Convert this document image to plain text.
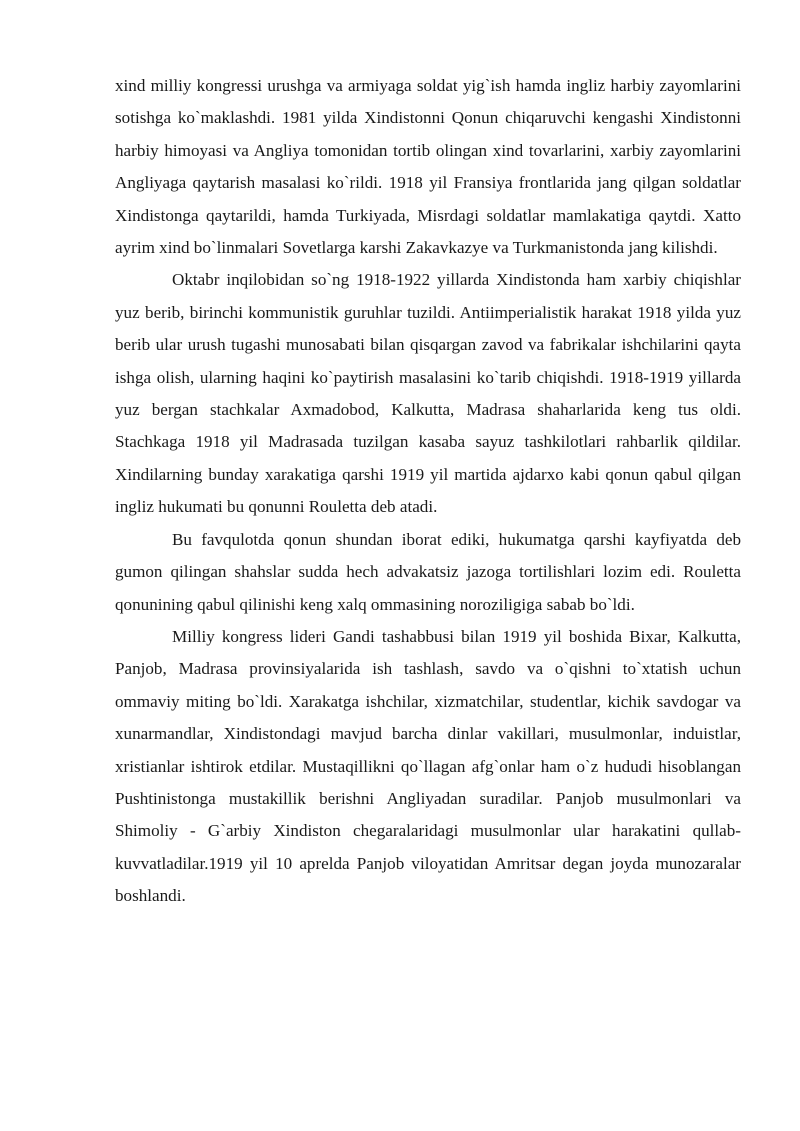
xind milliy kongressi urushga va armiyaga soldat yig`ish hamda ingliz harbiy zayomlarini sotishga ko`maklashdi. 1981 yilda Xindistonni Qonun chiqaruvchi kengashi Xindistonni harbiy himoyasi va Angliya tomonidan tortib olingan xind tovarlarini, xarbiy zayomlarini Angliyaga qaytarish masalasi ko`rildi. 1918 yil Fransiya frontlarida jang qilgan soldatlar Xindistonga qaytarildi, hamda Turkiyada, Misrdagi soldatlar mamlakatiga qaytdi. Xatto ayrim xind bo`linmalari Sovetlarga karshi Zakavkazye va Turkmanistonda jang kilishdi.

Oktabr inqilobidan so`ng 1918-1922 yillarda Xindistonda ham xarbiy chiqishlar yuz berib, birinchi kommunistik guruhlar tuzildi. Antiimperialistik harakat 1918 yilda yuz berib ular urush tugashi munosabati bilan qisqargan zavod va fabrikalar ishchilarini qayta ishga olish, ularning haqini ko`paytirish masalasini ko`tarib chiqishdi. 1918-1919 yillarda yuz bergan stachkalar Axmadobod, Kalkutta, Madrasa shaharlarida keng tus oldi. Stachkaga 1918 yil Madrasada tuzilgan kasaba sayuz tashkilotlari rahbarlik qildilar. Xindilarning bunday xarakatiga qarshi 1919 yil martida ajdarxo kabi qonun qabul qilgan ingliz hukumati bu qonunni Rouletta deb atadi.

Bu favqulotda qonun shundan iborat ediki, hukumatga qarshi kayfiyatda deb gumon qilingan shahslar sudda hech advakatsiz jazoga tortilishlari lozim edi. Rouletta qonunining qabul qilinishi keng xalq ommasining noroziligiga sabab bo`ldi.

Milliy kongress lideri Gandi tashabbusi bilan 1919 yil boshida Bixar, Kalkutta, Panjob, Madrasa provinsiyalarida ish tashlash, savdo va o`qishni to`xtatish uchun ommaviy miting bo`ldi. Xarakatga ishchilar, xizmatchilar, studentlar, kichik savdogar va xunarmandlar, Xindistondagi mavjud barcha dinlar vakillari, musulmonlar, induistlar, xristianlar ishtirok etdilar. Mustaqillikni qo`llagan afg`onlar ham o`z hududi hisoblangan Pushtinistonga mustakillik berishni Angliyadan suradilar. Panjob musulmonlari va Shimoliy - G`arbiy Xindiston chegaralaridagi musulmonlar ular harakatini qullab-kuvvatladilar.1919 yil 10 aprelda Panjob viloyatidan Amritsar degan joyda munozaralar boshlandi.
